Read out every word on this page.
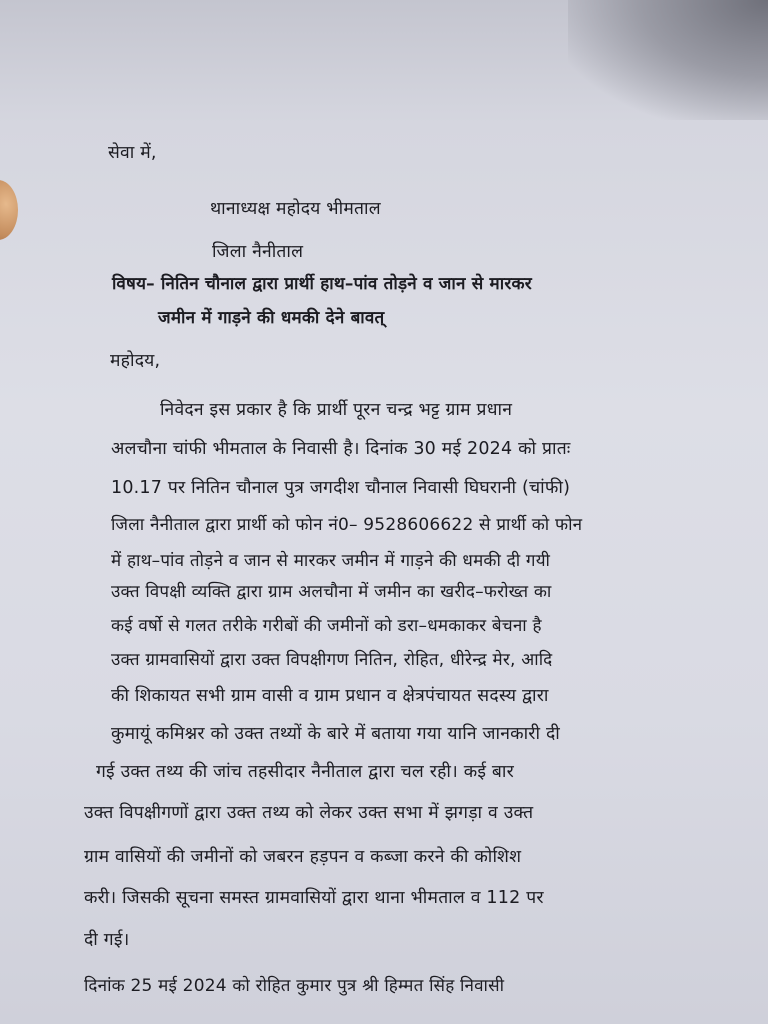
सेवा में,
थानाध्यक्ष महोदय भीमताल
जिला नैनीताल
विषय– नितिन चौनाल द्वारा प्रार्थी हाथ–पांव तोड़ने व जान से मारकर
जमीन में गाड़ने की धमकी देने बावत्
महोदय,
निवेदन इस प्रकार है कि प्रार्थी पूरन चन्द्र भट्ट ग्राम प्रधान
अलचौना चांफी भीमताल के निवासी है। दिनांक 30 मई 2024 को प्रातः
10.17 पर नितिन चौनाल पुत्र जगदीश चौनाल निवासी घिघरानी (चांफी)
जिला नैनीताल द्वारा प्रार्थी को फोन नं0– 9528606622 से प्रार्थी को फोन
में हाथ–पांव तोड़ने व जान से मारकर जमीन में गाड़ने की धमकी दी गयी
उक्त विपक्षी व्यक्ति द्वारा ग्राम अलचौना में जमीन का खरीद–फरोख्त का
कई वर्षो से गलत तरीके गरीबों की जमीनों को डरा–धमकाकर बेचना है
उक्त ग्रामवासियों द्वारा उक्त विपक्षीगण नितिन, रोहित, धीरेन्द्र मेर, आदि
की शिकायत सभी ग्राम वासी व ग्राम प्रधान व क्षेत्रपंचायत सदस्य द्वारा
कुमायूं कमिश्नर को उक्त तथ्यों के बारे में बताया गया यानि जानकारी दी
गई उक्त तथ्य की जांच तहसीदार नैनीताल द्वारा चल रही। कई बार
उक्त विपक्षीगणों द्वारा उक्त तथ्य को लेकर उक्त सभा में झगड़ा व उक्त
ग्राम वासियों की जमीनों को जबरन हड़पन व कब्जा करने की कोशिश
करी। जिसकी सूचना समस्त ग्रामवासियों द्वारा थाना भीमताल व 112 पर
दी गई।
दिनांक 25 मई 2024 को रोहित कुमार पुत्र श्री हिम्मत सिंह निवासी
